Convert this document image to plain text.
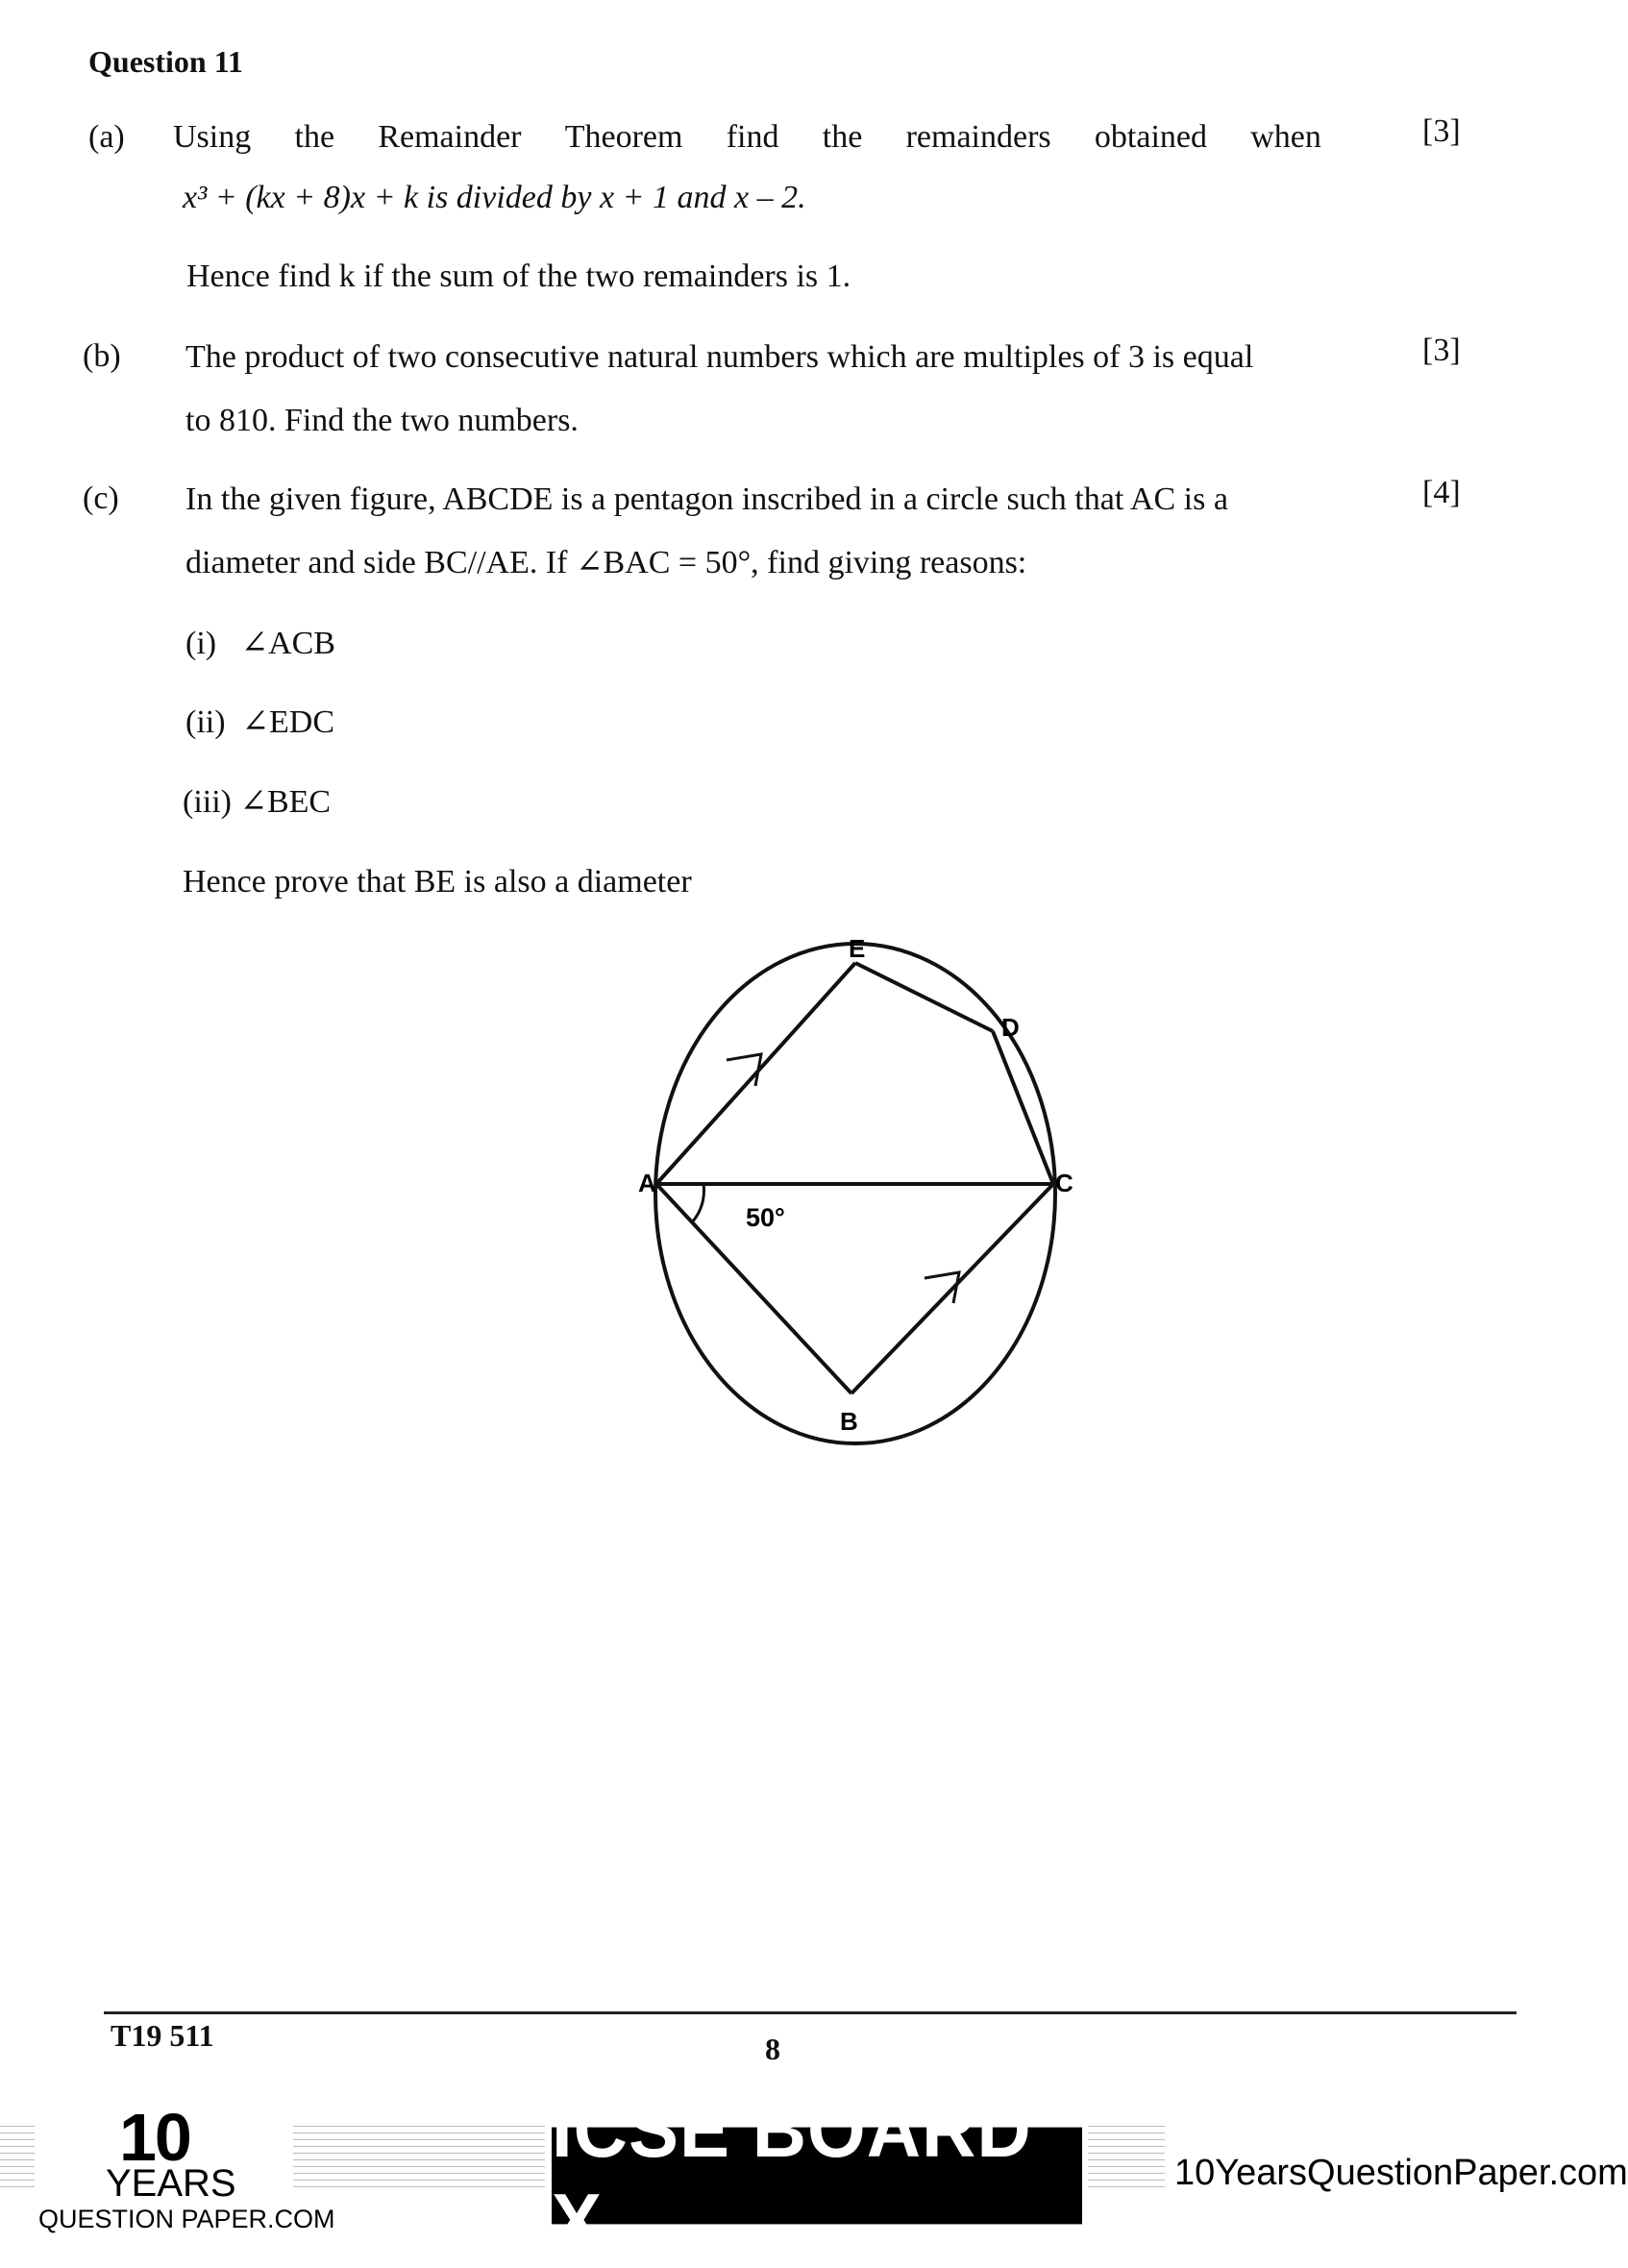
Question 11
(a) Using the Remainder Theorem find the remainders obtained when	[3]
x³ + (kx + 8)x + k is divided by x + 1 and x – 2.
Hence find k if the sum of the two remainders is 1.
(b) The product of two consecutive natural numbers which are multiples of 3 is equal	[3]
to 810. Find the two numbers.
(c) In the given figure, ABCDE is a pentagon inscribed in a circle such that AC is a	[4]
diameter and side BC//AE. If ∠BAC = 50°, find giving reasons:
(i)   ∠ACB
(ii)  ∠EDC
(iii) ∠BEC
Hence prove that BE is also a diameter
E
D
A	C
B
50°
T19 511	8
10
YEARS
QUESTION PAPER.COM
ICSE BOARD X
10YearsQuestionPaper.com
